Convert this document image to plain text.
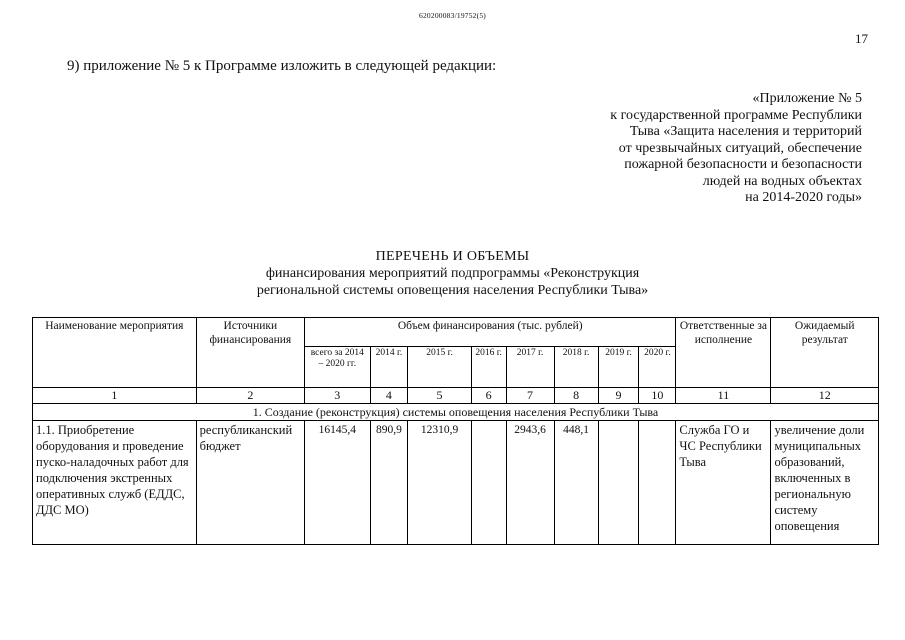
620200083/19752(5)
17
9) приложение № 5 к Программе изложить в следующей редакции:
«Приложение № 5
к государственной программе Республики
Тыва «Защита населения и территорий
от чрезвычайных ситуаций, обеспечение
пожарной безопасности и безопасности
людей на водных объектах
на 2014-2020 годы»
ПЕРЕЧЕНЬ И ОБЪЕМЫ
финансирования мероприятий подпрограммы «Реконструкция
региональной системы оповещения населения Республики Тыва»
Наименование мероприятия	Источники финансирования	Объем финансирования (тыс. рублей)								Ответственные за исполнение	Ожидаемый результат
		всего за 2014 – 2020 гг.	2014 г.	2015 г.	2016 г.	2017 г.	2018 г.	2019 г.	2020 г.		
1	2	3	4	5	6	7	8	9	10	11	12
1. Создание (реконструкция) системы оповещения населения Республики Тыва											
1.1. Приобретение оборудования и проведение пуско-наладочных работ для подключения экстренных оперативных служб (ЕДДС, ДДС МО)	республиканский бюджет	16145,4	890,9	12310,9		2943,6	448,1			Служба ГО и ЧС Республики Тыва	увеличение доли муниципальных образований, включенных в региональную систему оповещения
